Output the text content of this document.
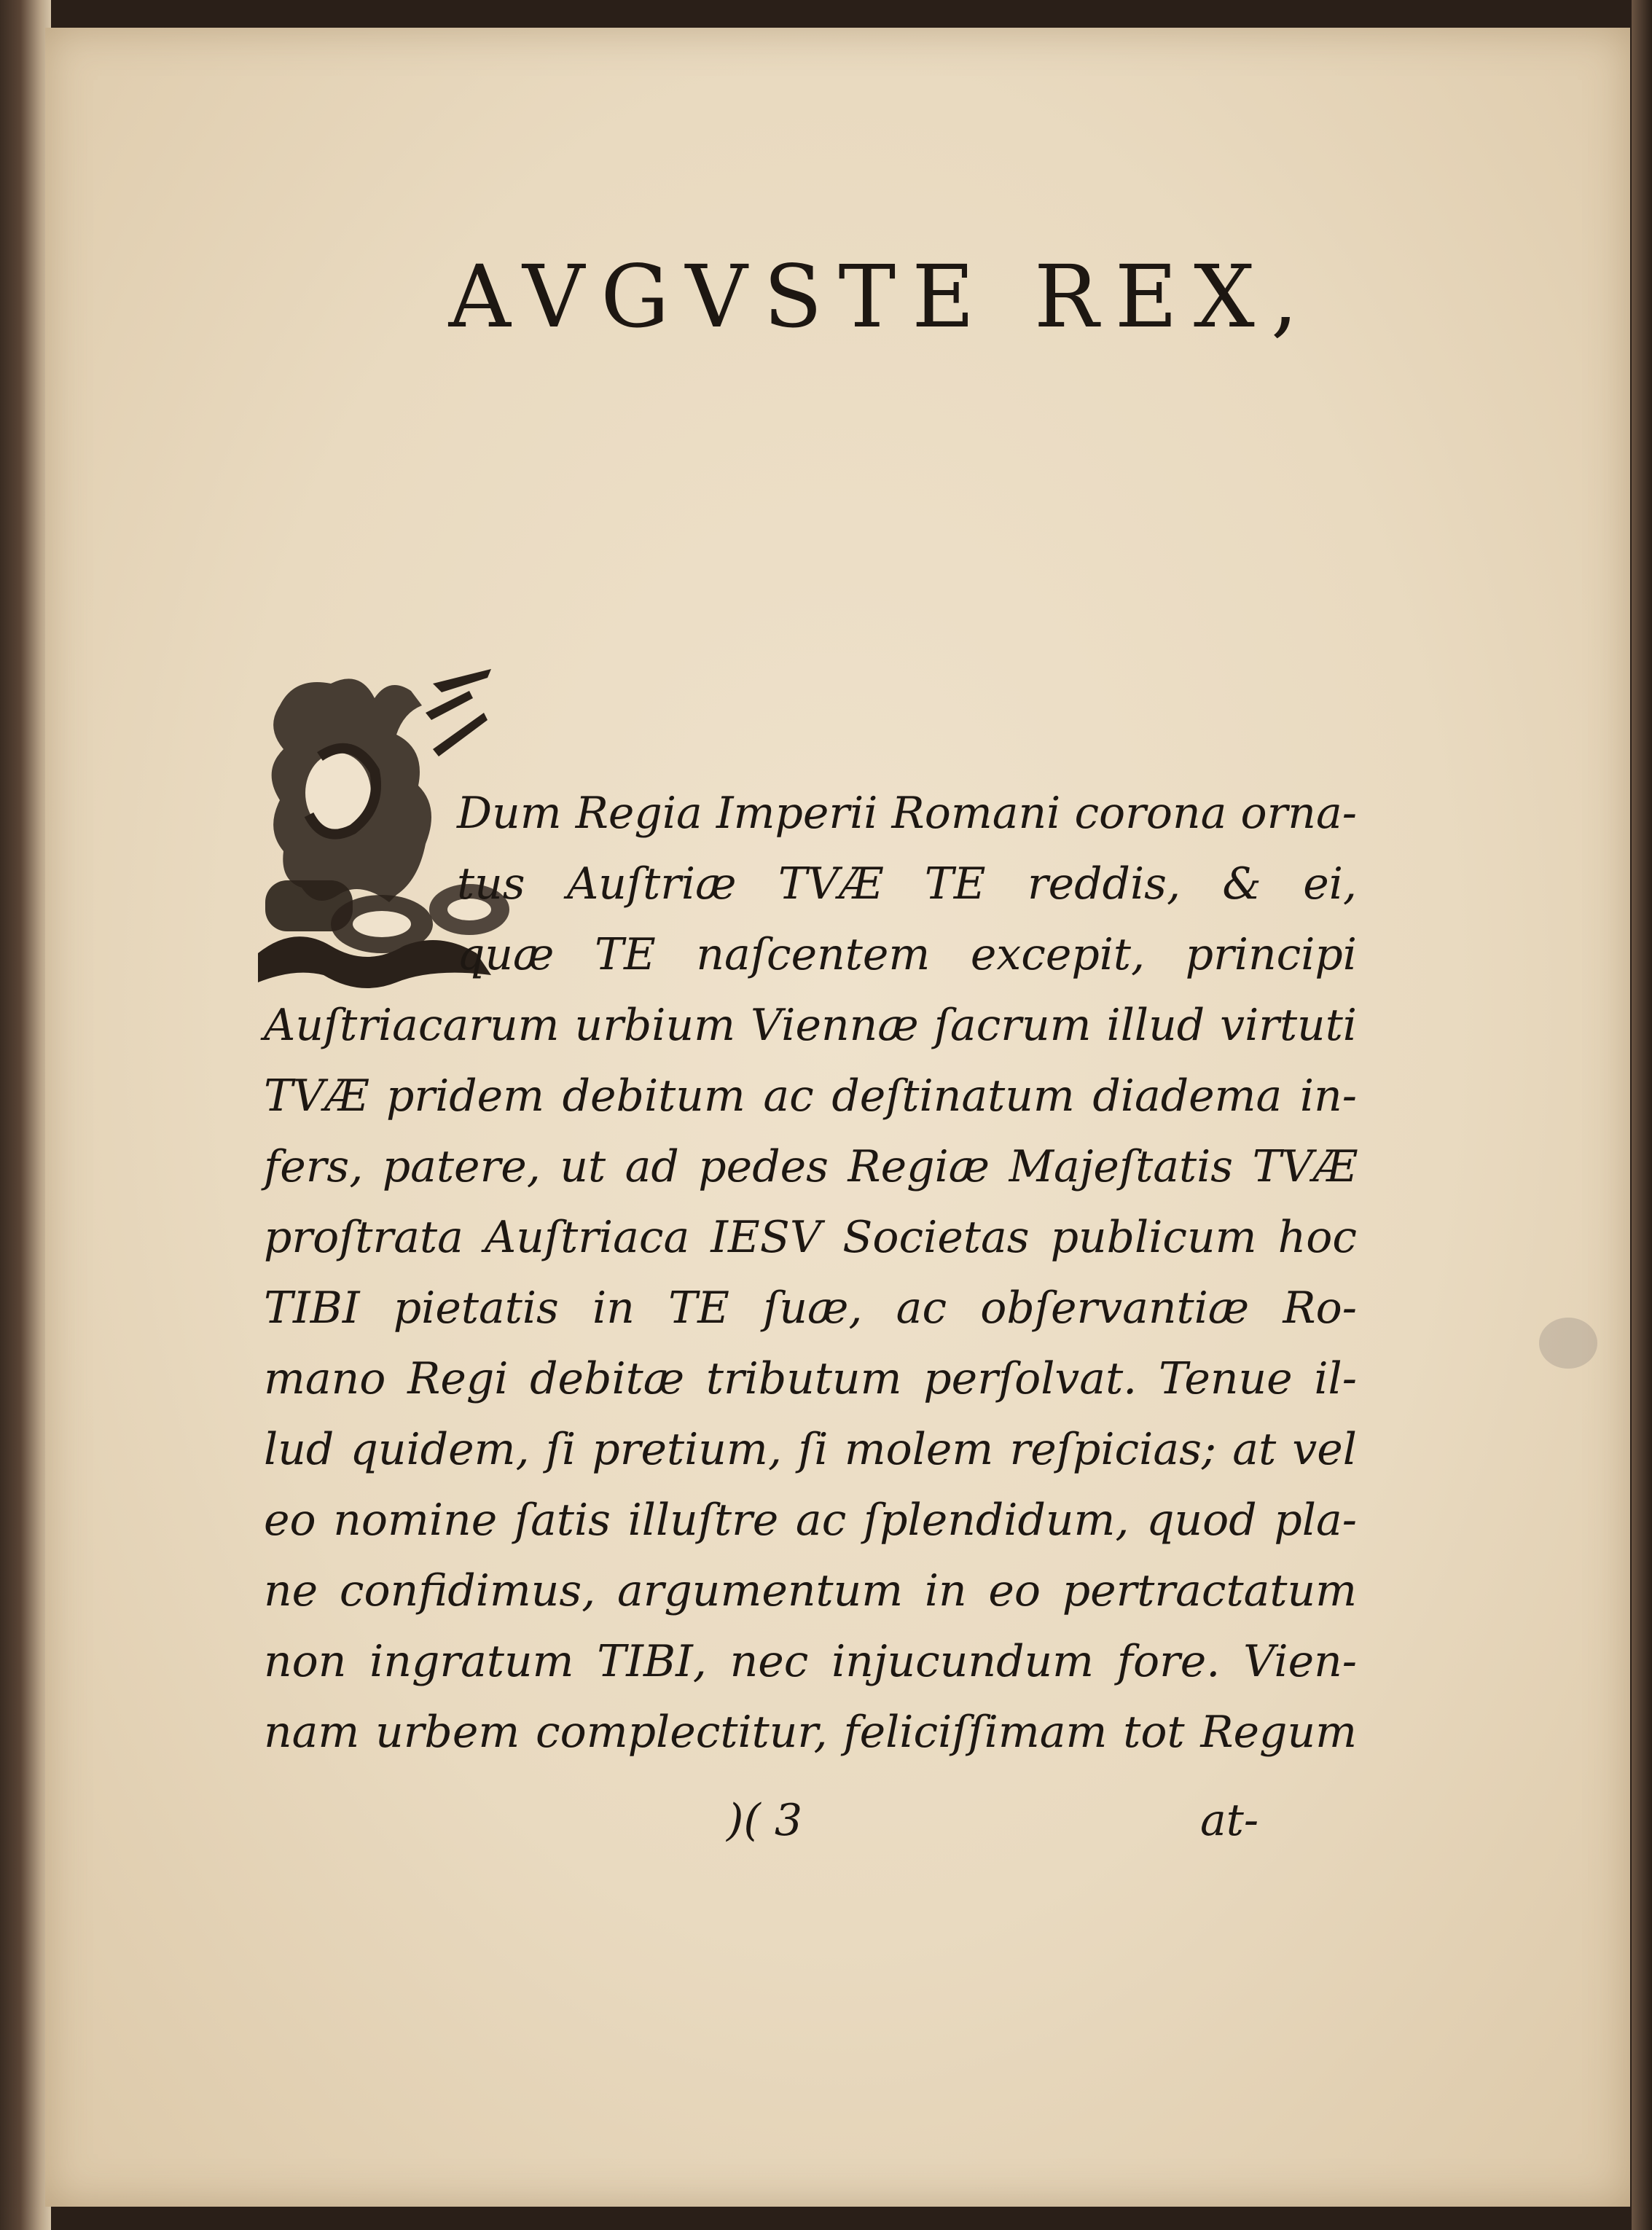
AVGVSTE REX,
Dum Regia Imperii Romani corona orna-
tus Auſtriæ TVÆ TE reddis, & ei,
quæ TE naſcentem excepit, principi
Auſtriacarum urbium Viennæ ſacrum illud virtuti
TVÆ pridem debitum ac deſtinatum diadema in-
fers, patere, ut ad pedes Regiæ Majeſtatis TVÆ
proſtrata Auſtriaca IESV Societas publicum hoc
TIBI pietatis in TE ſuæ, ac obſervantiæ Ro-
mano Regi debitæ tributum perſolvat. Tenue il-
lud quidem, ſi pretium, ſi molem reſpicias; at vel
eo nomine ſatis illuſtre ac ſplendidum, quod pla-
ne confidimus, argumentum in eo pertractatum
non ingratum TIBI, nec injucundum fore. Vien-
nam urbem complectitur, feliciſſimam tot Regum
)( 3	at-
